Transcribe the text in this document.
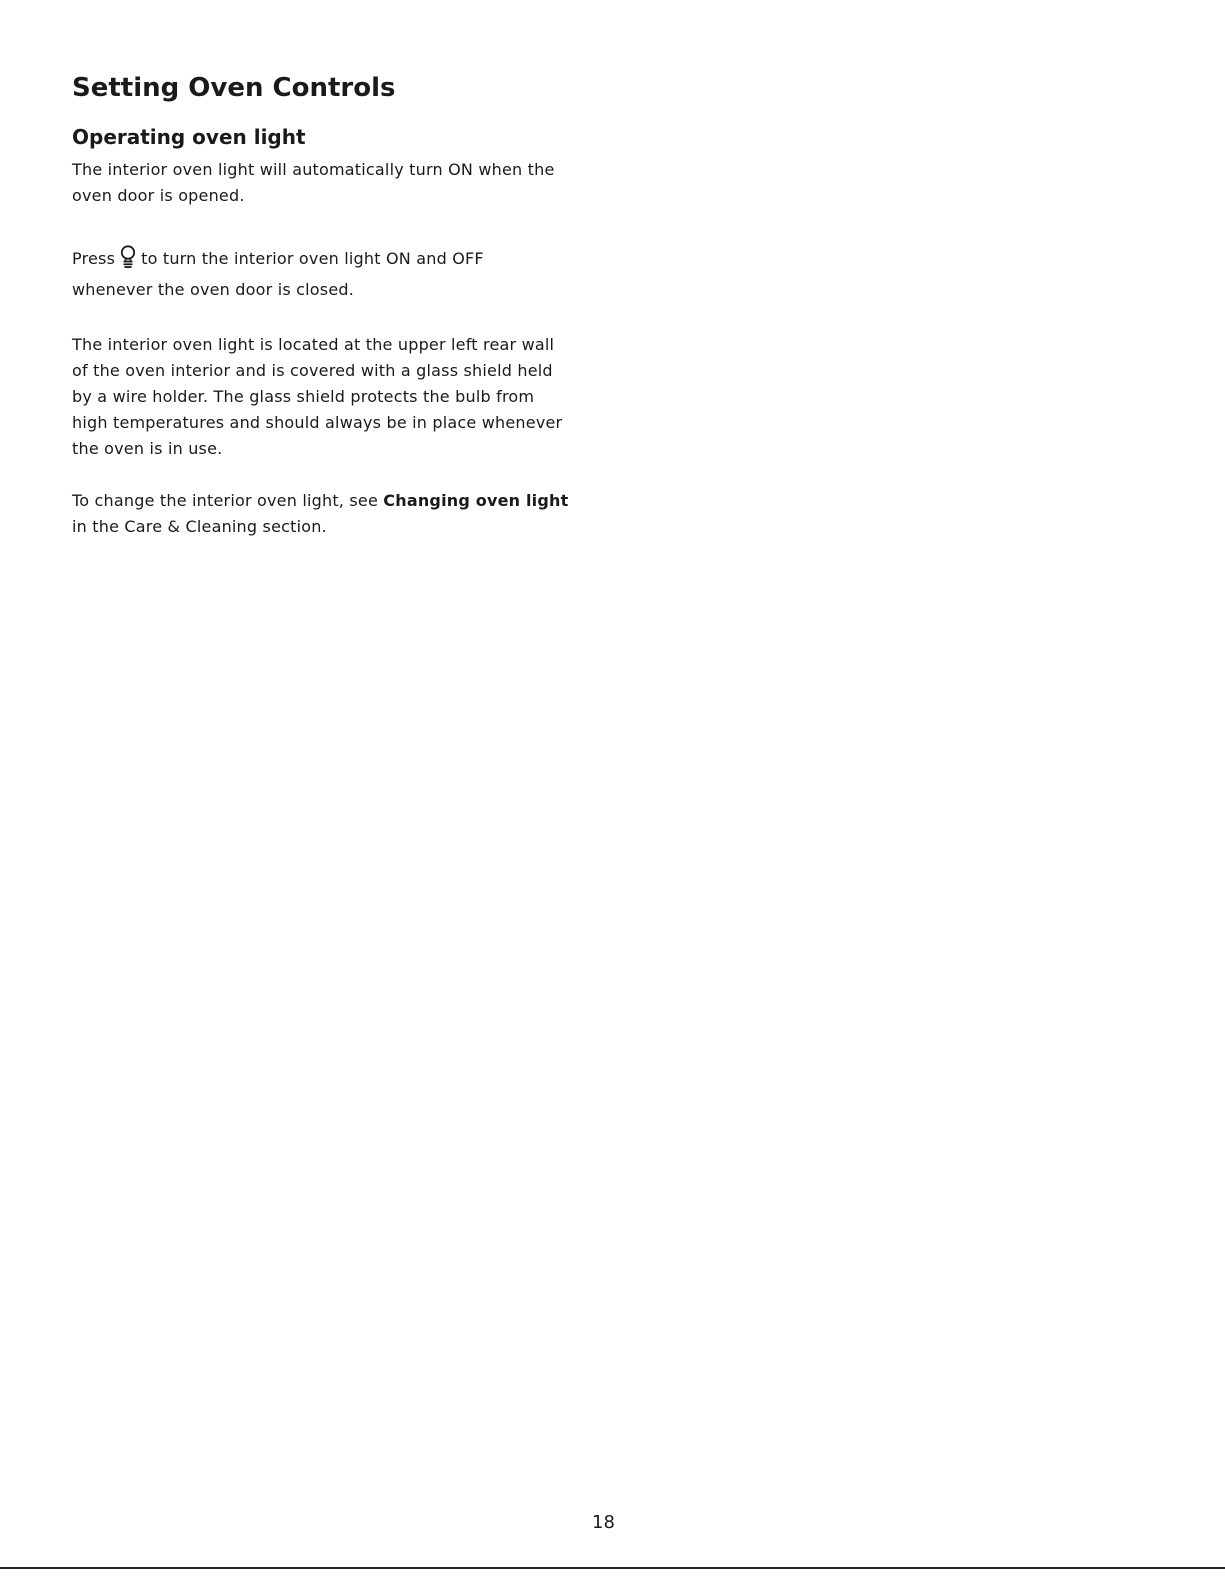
Setting Oven Controls
Operating oven light

The interior oven light will automatically turn ON when the
oven door is opened.

Press to turn the interior oven light ON and OFF
whenever the oven door is closed.

The interior oven light is located at the upper left rear wall
of the oven interior and is covered with a glass shield held
by a wire holder. The glass shield protects the bulb from
high temperatures and should always be in place whenever
the oven is in use.

To change the interior oven light, see Changing oven light
in the Care & Cleaning section.

18
